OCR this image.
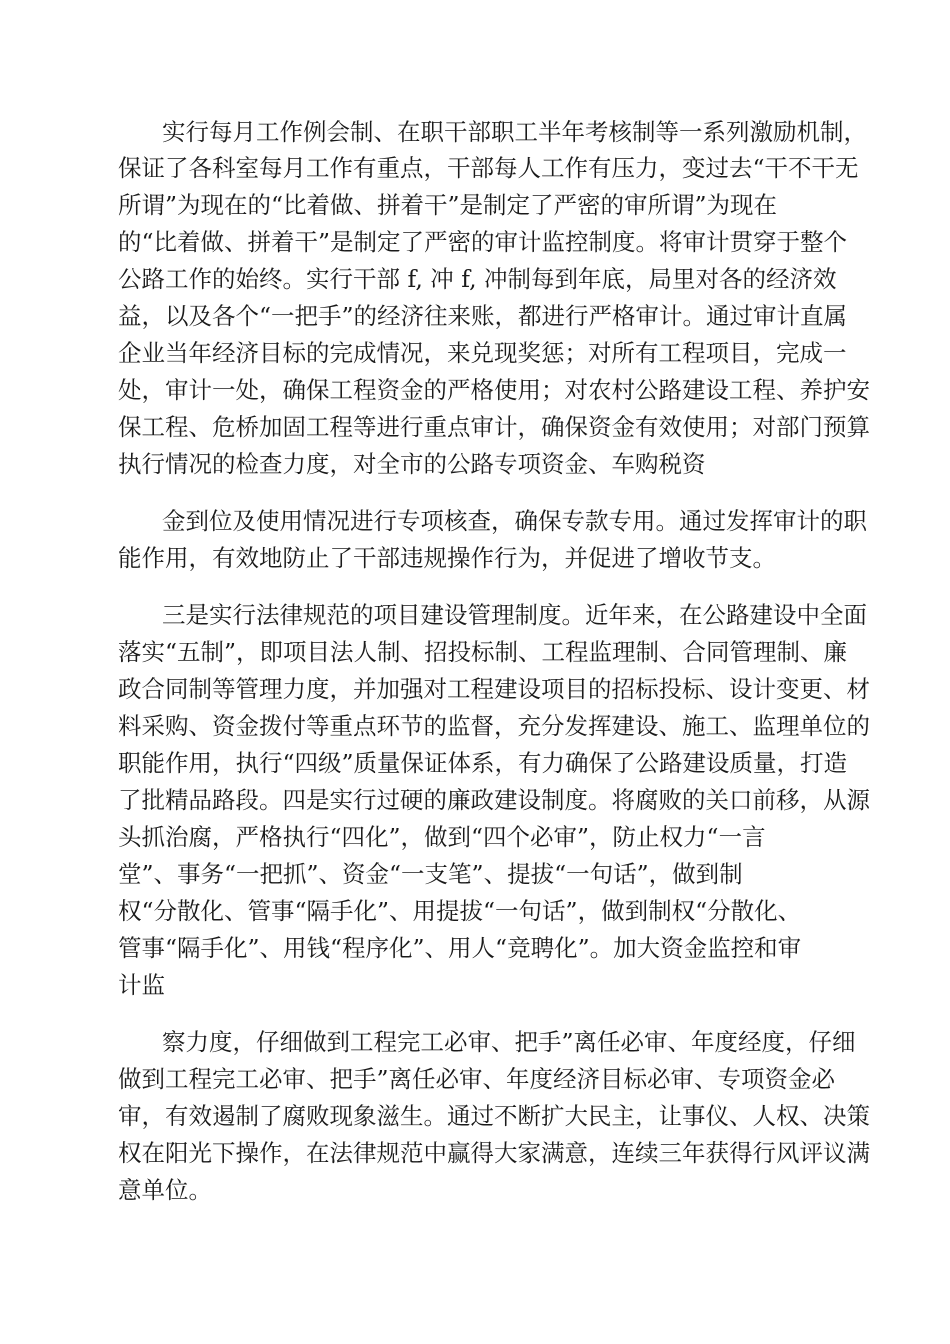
实行每月工作例会制、在职干部职工半年考核制等一系列激励机制，
保证了各科室每月工作有重点，干部每人工作有压力，变过去“干不干无
所谓”为现在的“比着做、拼着干”是制定了严密的审所谓”为现在
的“比着做、拼着干”是制定了严密的审计监控制度。将审计贯穿于整个
公路工作的始终。实行干部 f, 冲 f, 冲制每到年底，局里对各的经济效
益，以及各个“一把手”的经济往来账，都进行严格审计。通过审计直属
企业当年经济目标的完成情况，来兑现奖惩；对所有工程项目，完成一
处，审计一处，确保工程资金的严格使用；对农村公路建设工程、养护安
保工程、危桥加固工程等进行重点审计，确保资金有效使用；对部门预算
执行情况的检查力度，对全市的公路专项资金、车购税资
金到位及使用情况进行专项核查，确保专款专用。通过发挥审计的职
能作用，有效地防止了干部违规操作行为，并促进了增收节支。
三是实行法律规范的项目建设管理制度。近年来，在公路建设中全面
落实“五制”，即项目法人制、招投标制、工程监理制、合同管理制、廉
政合同制等管理力度，并加强对工程建设项目的招标投标、设计变更、材
料采购、资金拨付等重点环节的监督，充分发挥建设、施工、监理单位的
职能作用，执行“四级”质量保证体系，有力确保了公路建设质量，打造
了批精品路段。四是实行过硬的廉政建设制度。将腐败的关口前移，从源
头抓治腐，严格执行“四化”，做到“四个必审”，防止权力“一言
堂”、事务“一把抓”、资金“一支笔”、提拔“一句话”，做到制
权“分散化、管事“隔手化”、用提拔“一句话”，做到制权“分散化、
管事“隔手化”、用钱“程序化”、用人“竞聘化”。加大资金监控和审
计监
察力度，仔细做到工程完工必审、把手”离任必审、年度经度，仔细
做到工程完工必审、把手”离任必审、年度经济目标必审、专项资金必
审，有效遏制了腐败现象滋生。通过不断扩大民主，让事仪、人权、决策
权在阳光下操作，在法律规范中赢得大家满意，连续三年获得行风评议满
意单位。
